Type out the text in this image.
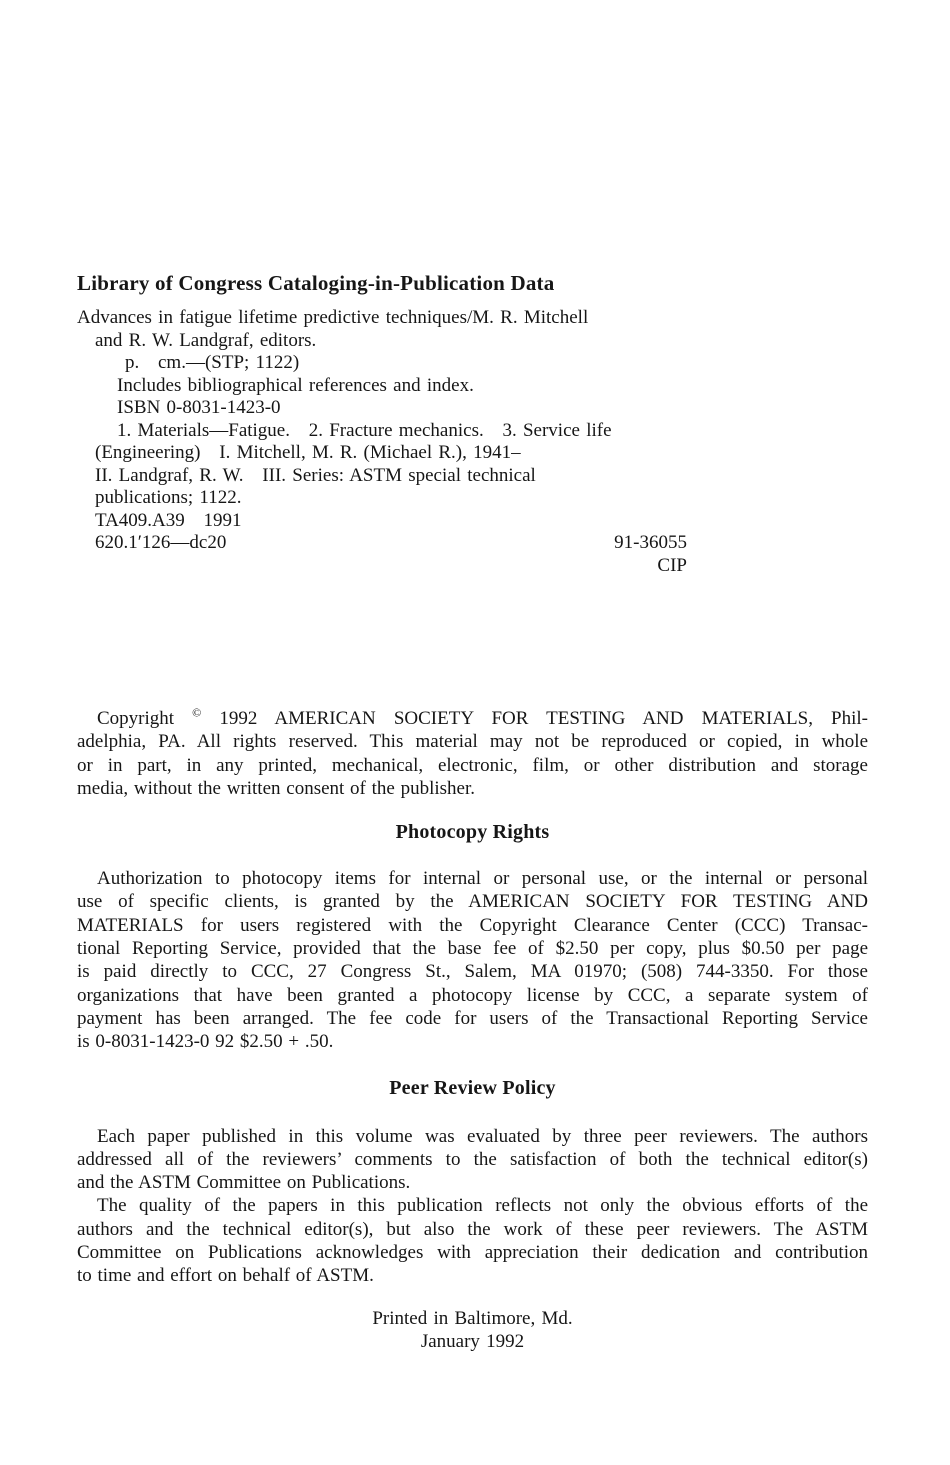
Library of Congress Cataloging-in-Publication Data
Advances in fatigue lifetime predictive techniques/M. R. Mitchell
and R. W. Landgraf, editors.
p.   cm.—(STP; 1122)
Includes bibliographical references and index.
ISBN 0-8031-1423-0
1. Materials—Fatigue.   2. Fracture mechanics.   3. Service life
(Engineering)   I. Mitchell, M. R. (Michael R.), 1941–
II. Landgraf, R. W.   III. Series: ASTM special technical
publications; 1122.
TA409.A39   1991
620.1′126—dc20	91-36055

CIP
Copyright © 1992 AMERICAN SOCIETY FOR TESTING AND MATERIALS, Phil-
adelphia, PA. All rights reserved. This material may not be reproduced or copied, in whole
or in part, in any printed, mechanical, electronic, film, or other distribution and storage
media, without the written consent of the publisher.
Photocopy Rights
Authorization to photocopy items for internal or personal use, or the internal or personal
use of specific clients, is granted by the AMERICAN SOCIETY FOR TESTING AND
MATERIALS for users registered with the Copyright Clearance Center (CCC) Transac-
tional Reporting Service, provided that the base fee of $2.50 per copy, plus $0.50 per page
is paid directly to CCC, 27 Congress St., Salem, MA 01970; (508) 744-3350. For those
organizations that have been granted a photocopy license by CCC, a separate system of
payment has been arranged. The fee code for users of the Transactional Reporting Service
is 0-8031-1423-0 92 $2.50 + .50.
Peer Review Policy
Each paper published in this volume was evaluated by three peer reviewers. The authors
addressed all of the reviewers’ comments to the satisfaction of both the technical editor(s)
and the ASTM Committee on Publications.
The quality of the papers in this publication reflects not only the obvious efforts of the
authors and the technical editor(s), but also the work of these peer reviewers. The ASTM
Committee on Publications acknowledges with appreciation their dedication and contribution
to time and effort on behalf of ASTM.
Printed in Baltimore, Md.
January 1992
